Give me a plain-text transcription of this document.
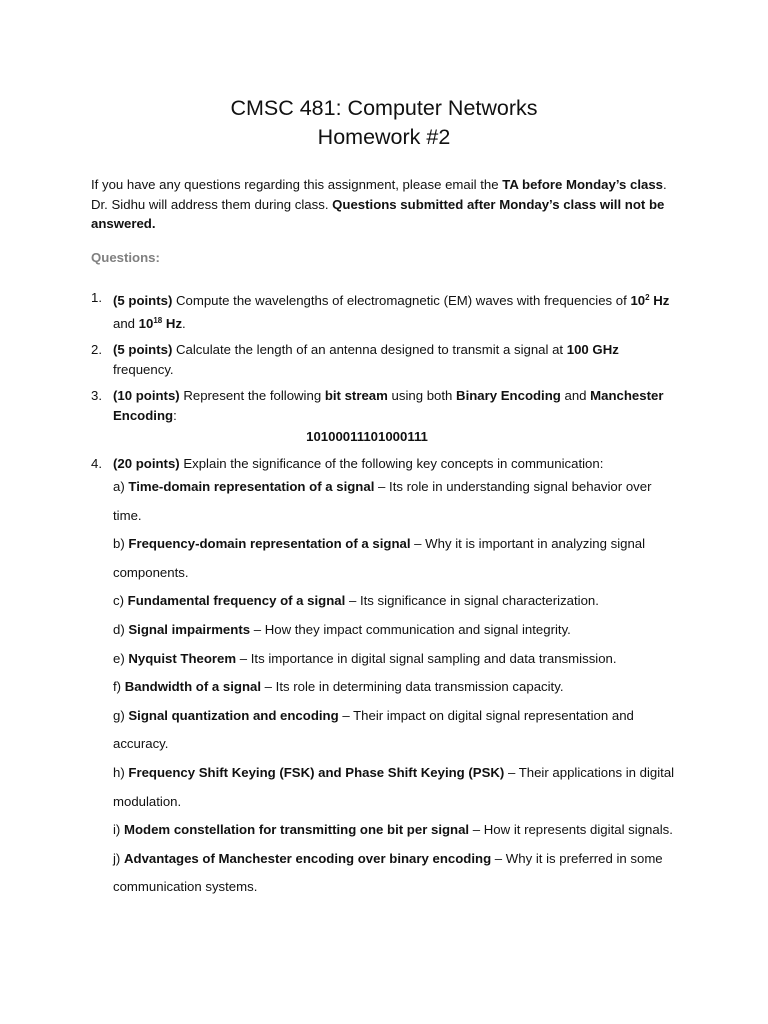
CMSC 481: Computer Networks
Homework #2
If you have any questions regarding this assignment, please email the TA before Monday’s class. Dr. Sidhu will address them during class. Questions submitted after Monday’s class will not be answered.
Questions:
1. (5 points) Compute the wavelengths of electromagnetic (EM) waves with frequencies of $10^2$ Hz and $10^{18}$ Hz.
2. (5 points) Calculate the length of an antenna designed to transmit a signal at 100 GHz frequency.
3. (10 points) Represent the following bit stream using both Binary Encoding and Manchester Encoding:
10100011101000111
4. (20 points) Explain the significance of the following key concepts in communication:
a) Time-domain representation of a signal – Its role in understanding signal behavior over time.
b) Frequency-domain representation of a signal – Why it is important in analyzing signal components.
c) Fundamental frequency of a signal – Its significance in signal characterization.
d) Signal impairments – How they impact communication and signal integrity.
e) Nyquist Theorem – Its importance in digital signal sampling and data transmission.
f) Bandwidth of a signal – Its role in determining data transmission capacity.
g) Signal quantization and encoding – Their impact on digital signal representation and accuracy.
h) Frequency Shift Keying (FSK) and Phase Shift Keying (PSK) – Their applications in digital modulation.
i) Modem constellation for transmitting one bit per signal – How it represents digital signals.
j) Advantages of Manchester encoding over binary encoding – Why it is preferred in some communication systems.
